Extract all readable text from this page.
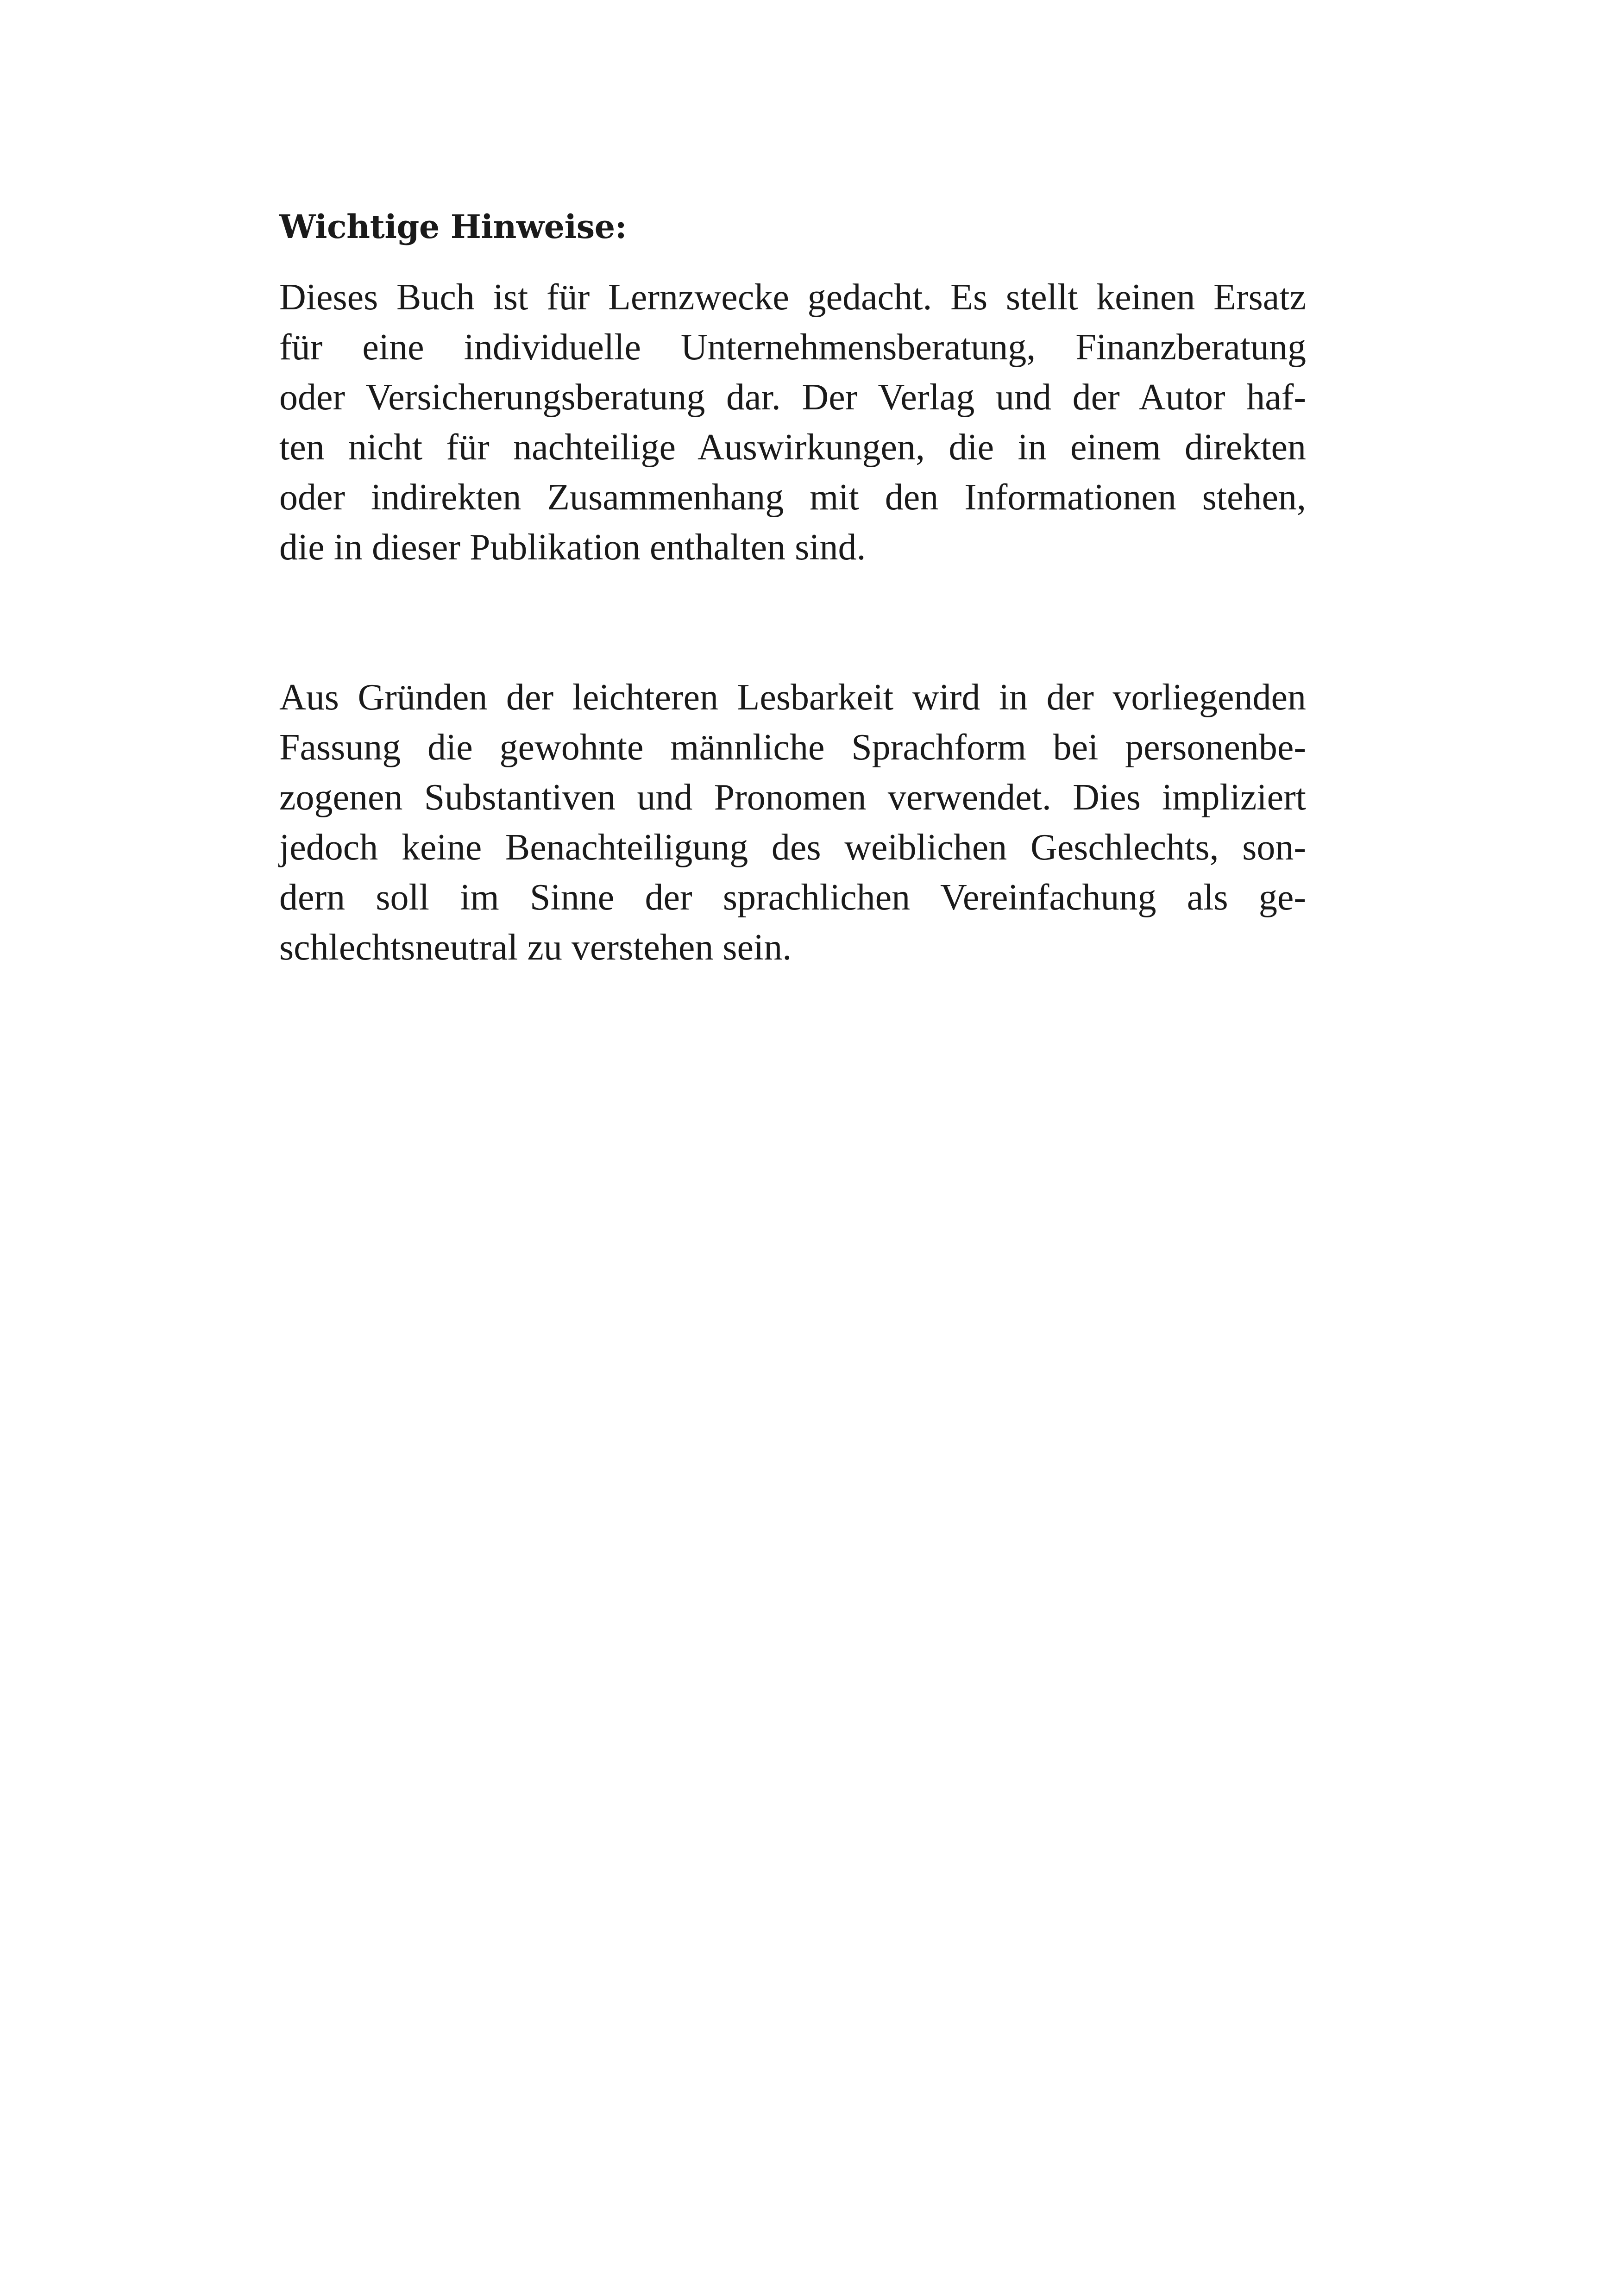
Wichtige Hinweise:

Dieses Buch ist für Lernzwecke gedacht. Es stellt keinen Ersatz
für eine individuelle Unternehmensberatung, Finanzberatung
oder Versicherungsberatung dar. Der Verlag und der Autor haf-
ten nicht für nachteilige Auswirkungen, die in einem direkten
oder indirekten Zusammenhang mit den Informationen stehen,
die in dieser Publikation enthalten sind.

Aus Gründen der leichteren Lesbarkeit wird in der vorliegenden
Fassung die gewohnte männliche Sprachform bei personenbe-
zogenen Substantiven und Pronomen verwendet. Dies impliziert
jedoch keine Benachteiligung des weiblichen Geschlechts, son-
dern soll im Sinne der sprachlichen Vereinfachung als ge-
schlechtsneutral zu verstehen sein.
